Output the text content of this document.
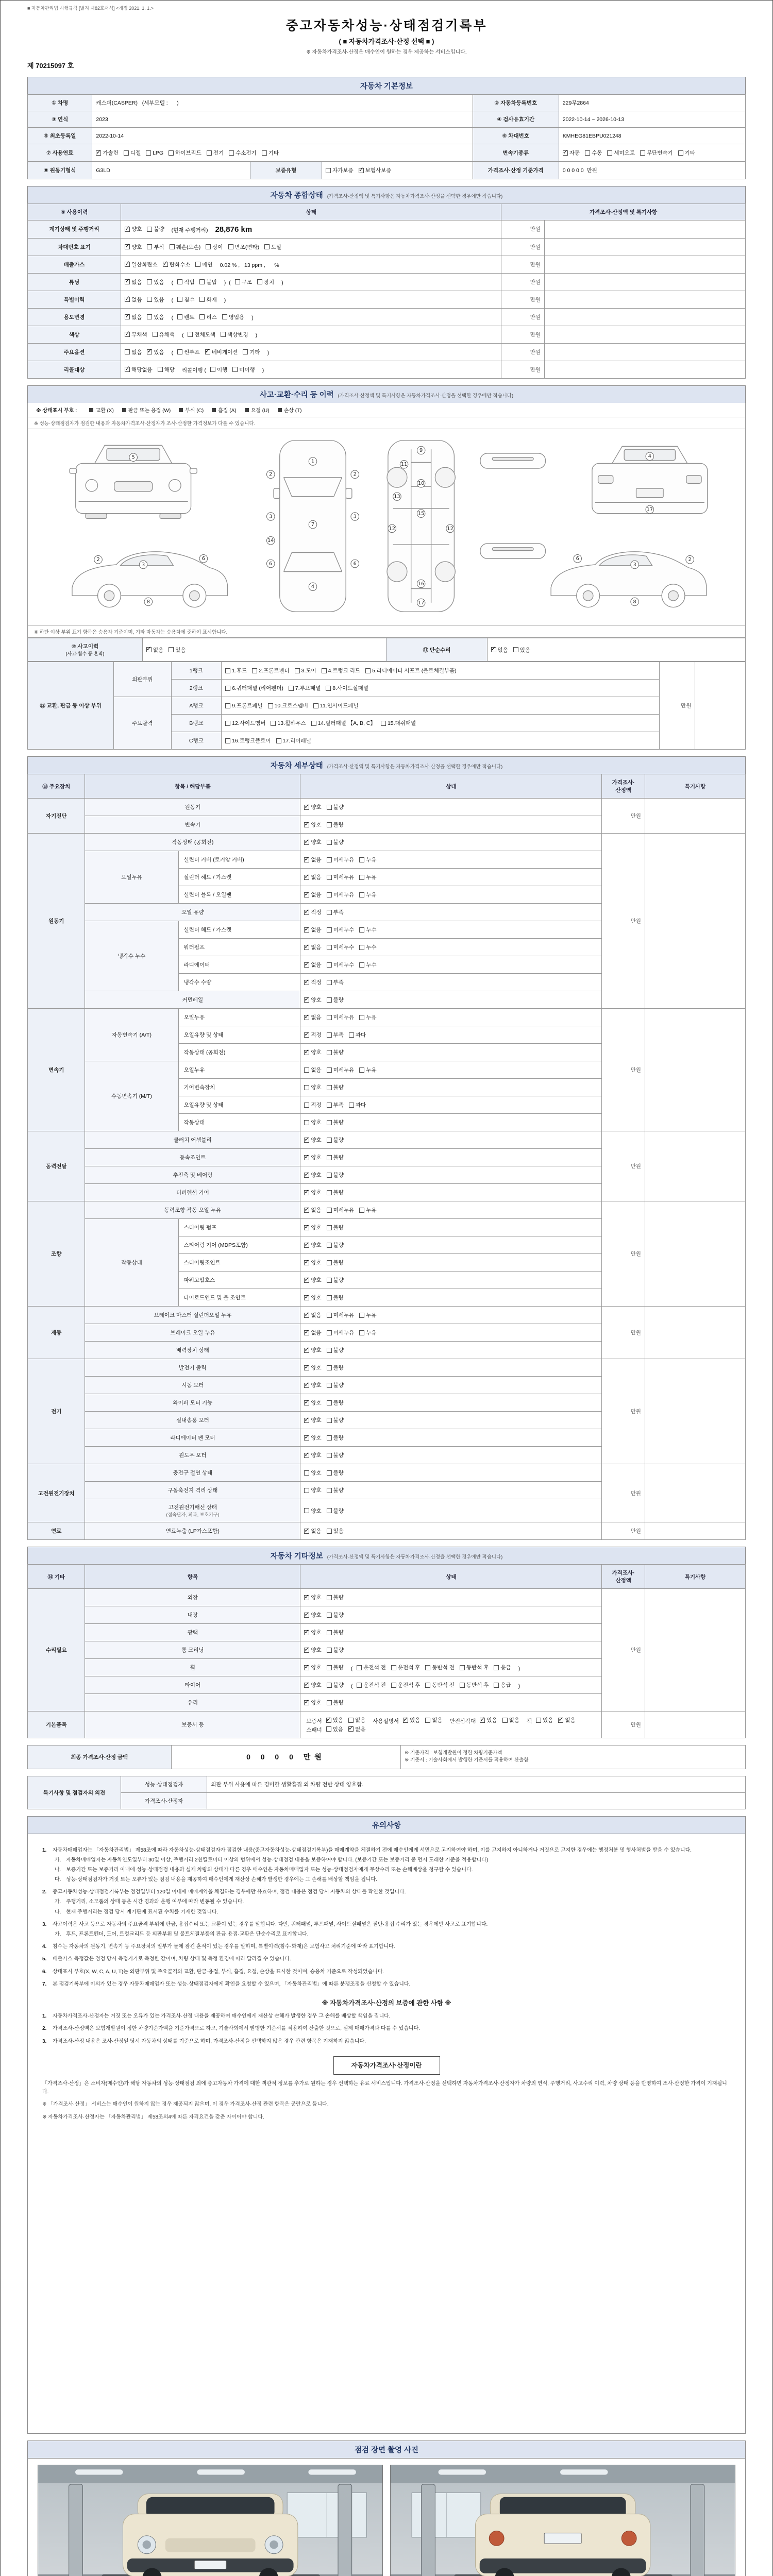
■ 자동차관리법 시행규칙 [별지 제82호서식] <개정 2021. 1. 1.>
중고자동차성능·상태점검기록부
( ■ 자동차가격조사·산정 선택 ■ )
※ 자동차가격조사·산정은 매수인이 원하는 경우 제공하는 서비스입니다.
제 70215097 호
자동차 기본정보
① 차명	캐스퍼(CASPER)   (세부모델 :      )			② 자동차등록번호	229무2864
③ 연식	2023			④ 검사유효기간	2022-10-14 ~ 2026-10-13
⑤ 최초등록일	2022-10-14			⑥ 차대번호	KMHEG81EBPU021248
⑦ 사용연료	
✓가솔린 디젤 LPG 하이브리드 전기 수소전기 기타	변속기종류	
✓자동 수동 세미오토 무단변속기 기타

⑧ 원동기형식	G3LD	보증유형	자가보증 ✓ 보험사보증	가격조사·산정 기준가격	0 0 0 0 0  만원
자동차 종합상태 (가격조사·산정액 및 특기사항은 자동차가격조사·산정을 선택한 경우에만 적습니다)
⑨ 사용이력	상태	가격조사·산정액 및 특기사항	
계기상태 및 주행거리	
✓양호 불량 (현재 주행거리) 28,876 km	만원	
차대번호 표기	
✓양호 부식 훼손(오손) 상이 변조(변타) 도말	만원	
배출가스	
✓일산화탄소 ✓ 탄화수소 매연 0.02 % ,   13 ppm ,      %	만원	
튜닝	
✓없음 있음 ( 적법 불법 )  ( 구조 장치 )	만원	
특별이력	
✓없음 있음 ( 침수 화재 )	만원	
용도변경	
✓없음 있음 ( 렌트 리스 영업용 )	만원	
색상	
✓무채색 유채색 ( 전체도색 색상변경 )	만원	
주요옵션	없음 ✓ 있음 ( 썬루프 ✓ 네비게이션 기타 )	만원	
리콜대상	
✓해당없음 해당 리콜이행 ( 이행 미이행 )	만원	
사고·교환·수리 등 이력 (가격조사·산정액 및 특기사항은 자동차가격조사·산정을 선택한 경우에만 적습니다)
※ 상태표시 부호 :	교환 (X)	판금 또는 용접 (W)	부식 (C)	흠집 (A)	요철 (U)	손상 (T)
※ 성능·상태점검자가 점검한 내용과 자동차가격조사·산정자가 조사·산정한 가격정보가 다를 수 있습니다.
5
1
7
4
2	2
3	3
14
6	6
9
10
11
13
12	12
15
16
17
2
3
6
8
2
3
6
8
4
17
※ 하단 이상 부위 표기 항목은 승용차 기준이며, 기타 자동차는 승용차에 준하여 표시합니다.
⑩ 사고이력
(사고·침수 등 흔적)

✓
없음 있음	⑪ 단순수리	
✓없음 있음
⑫ 교환, 판금 등 이상 부위	외판부위	1랭크	1.후드 2.프론트펜더 3.도어 4.트렁크 리드 5.라디에이터 서포트 (볼트체결부품)	만원	
		2랭크	6.쿼터패널 (리어펜더) 7.루프패널 8.사이드실패널		

	주요골격	A랭크	9.프론트패널 10.크로스멤버 11.인사이드패널		

		B랭크	12.사이드멤버 13.휠하우스 14.필러패널 【A, B, C】 15.대쉬패널		

		C랭크	16.트렁크플로어 17.리어패널		
자동차 세부상태 (가격조사·산정액 및 특기사항은 자동차가격조사·산정을 선택한 경우에만 적습니다)
⑬ 주요장치	항목 / 해당부품		상태	가격조사·산정액	특기사항
자기진단	원동기	
✓양호 불량	만원	
	변속기	
✓양호 불량

원동기	작동상태 (공회전)	
✓양호 불량	만원	
	오일누유	실린더 커버 (로커암 커버)	
✓없음 미세누유 누유

		실린더 헤드 / 가스켓	
✓없음 미세누유 누유

		실린더 블록 / 오일팬	
✓없음 미세누유 누유

	오일 유량	
✓적정 부족

	냉각수 누수	실린더 헤드 / 가스켓	
✓없음 미세누수 누수

		워터펌프	
✓없음 미세누수 누수

		라디에이터	
✓없음 미세누수 누수

		냉각수 수량	
✓적정 부족

	커먼레일	
✓양호 불량

변속기	자동변속기 (A/T)	오일누유	
✓없음 미세누유 누유	만원	
		오일유량 및 상태	
✓적정 부족 과다

		작동상태 (공회전)	
✓양호 불량

	수동변속기 (M/T)	오일누유	없음 미세누유 누유		

		기어변속장치	양호 불량		

		오일유량 및 상태	적정 부족 과다		

		작동상태	양호 불량		

동력전달	클러치 어셈블리	
✓양호 불량	만원	
	등속조인트	
✓양호 불량

	추진축 및 베어링	
✓양호 불량

	디퍼렌셜 기어	
✓양호 불량

조향	동력조향 작동 오일 누유	
✓없음 미세누유 누유	만원	
	작동상태	스티어링 펌프	
✓양호 불량

		스티어링 기어 (MDPS포함)	
✓양호 불량

		스티어링조인트	
✓양호 불량

		파워고압호스	
✓양호 불량

		타이로드엔드 및 볼 조인트	
✓양호 불량

제동	브레이크 마스터 실린더오일 누유	
✓없음 미세누유 누유	만원	
	브레이크 오일 누유	
✓없음 미세누유 누유

	배력장치 상태	
✓양호 불량

전기	발전기 출력	
✓양호 불량	만원	
	시동 모터	
✓양호 불량

	와이퍼 모터 기능	
✓양호 불량

	실내송풍 모터	
✓양호 불량

	라디에이터 팬 모터	
✓양호 불량

	윈도우 모터	
✓양호 불량

고전원전기장치	충전구 절연 상태		양호 불량	만원	
	구동축전지 격리 상태		양호 불량		

	고전원전기배선 상태
(접속단자, 피복, 보호기구)		양호 불량		

연료	연료누출 (LP가스포함)	
✓없음 있음	만원	
자동차 기타정보 (가격조사·산정액 및 특기사항은 자동차가격조사·산정을 선택한 경우에만 적습니다)
⑭ 기타	항목	상태	가격조사·산정액	특기사항
수리필요	외장	
✓양호 불량	만원	
	내장	
✓양호 불량

	광택	
✓양호 불량

	룸 크리닝	
✓양호 불량

휠	
✓양호 불량 ( 운전석 전 운전석 후 동반석 전 동반석 후 응급 )
타이어	
✓양호 불량 ( 운전석 전 운전석 후 동반석 전 동반석 후 응급 )
	유리	
✓양호 불량

기본품목	보증서 등	보증서 ✓ 있음 없음 사용설명서 ✓ 있음 없음 안전삼각대 ✓ 있음 없음 잭 있음 ✓ 없음
스패너 있음 ✓ 없음
	만원	
최종 가격조사·산정 금액	0 0 0 0 만원	※ 기준가격 : 보험개발원이 정한 차량기준가액
※ 기준서 : 기술사회에서 발행한 기준서를 적용하여 산출함
특기사항 및 점검자의 의견	성능·상태점검자	외판 부위 사용에 따른 경미한 생활흠집 외 차량 전반 상태 양호함.
	가격조사·산정자	
유의사항
1.	자동차매매업자는 「자동차관리법」 제58조에 따라 자동차성능·상태점검자가 점검한 내용(중고자동차성능·상태점검기록부)을 매매계약을 체결하기 전에 매수인에게 서면으로 고지하여야 하며, 이를 고지하지 아니하거나 거짓으로 고지한 경우에는 행정처분 및 형사처벌을 받을 수 있습니다.
가. 자동차매매업자는 자동차인도일부터 30일 이상, 주행거리 2천킬로미터 이상의 범위에서 성능·상태점검 내용을 보증하여야 합니다. (보증기간 또는 보증거리 중 먼저 도래한 기준을 적용합니다)
나. 보증기간 또는 보증거리 이내에 성능·상태점검 내용과 실제 차량의 상태가 다른 경우 매수인은 자동차매매업자 또는 성능·상태점검자에게 무상수리 또는 손해배상을 청구할 수 있습니다.
다. 성능·상태점검자가 거짓 또는 오류가 있는 점검 내용을 제공하여 매수인에게 재산상 손해가 발생한 경우에는 그 손해를 배상할 책임을 집니다.
2.	중고자동차성능·상태점검기록부는 점검일부터 120일 이내에 매매계약을 체결하는 경우에만 유효하며, 점검 내용은 점검 당시 자동차의 상태를 확인한 것입니다.
가. 주행거리, 소모품의 상태 등은 시간 경과와 운행 여부에 따라 변동될 수 있습니다.
나. 현재 주행거리는 점검 당시 계기판에 표시된 수치를 기재한 것입니다.
3.	사고이력은 사고 등으로 자동차의 주요골격 부위에 판금, 용접수리 또는 교환이 있는 경우를 말합니다. 다만, 쿼터패널, 루프패널, 사이드실패널은 절단·용접 수리가 있는 경우에만 사고로 표기합니다.
가. 후드, 프론트펜더, 도어, 트렁크리드 등 외판부위 및 볼트체결부품의 판금·용접·교환은 단순수리로 표기합니다.
4.	침수는 자동차의 원동기, 변속기 등 주요장치의 일부가 물에 잠긴 흔적이 있는 경우를 말하며, 특별이력(침수·화재)은 보험사고 처리기준에 따라 표기합니다.
5.	배출가스 측정값은 점검 당시 측정기기로 측정한 값이며, 차량 상태 및 측정 환경에 따라 달라질 수 있습니다.
6.	상태표시 부호(X, W, C, A, U, T)는 외판부위 및 주요골격의 교환, 판금·용접, 부식, 흠집, 요철, 손상을 표시한 것이며, 승용차 기준으로 작성되었습니다.
7.	본 점검기록부에 이의가 있는 경우 자동차매매업자 또는 성능·상태점검자에게 확인을 요청할 수 있으며, 「자동차관리법」에 따른 분쟁조정을 신청할 수 있습니다.
※ 자동차가격조사·산정의 보증에 관한 사항 ※
1.	자동차가격조사·산정자는 거짓 또는 오류가 있는 가격조사·산정 내용을 제공하여 매수인에게 재산상 손해가 발생한 경우 그 손해를 배상할 책임을 집니다.
2.	가격조사·산정액은 보험개발원이 정한 차량기준가액을 기준가격으로 하고, 기술사회에서 발행한 기준서를 적용하여 산출한 것으로, 실제 매매가격과 다를 수 있습니다.
3.	가격조사·산정 내용은 조사·산정일 당시 자동차의 상태를 기준으로 하며, 가격조사·산정을 선택하지 않은 경우 관련 항목은 기재하지 않습니다.
자동차가격조사·산정이란
「가격조사·산정」은 소비자(매수인)가 해당 자동차의 성능·상태점검 외에 중고자동차 가격에 대한 객관적 정보를 추가로 원하는 경우 선택하는 유료 서비스입니다. 가격조사·산정을 선택하면 자동차가격조사·산정자가 차량의 연식, 주행거리, 사고수리 이력, 차량 상태 등을 반영하여 조사·산정한 가격이 기재됩니다.
※ 「가격조사·산정」 서비스는 매수인이 원하지 않는 경우 제공되지 않으며, 이 경우 가격조사·산정 관련 항목은 공란으로 둡니다.
※ 자동차가격조사·산정자는 「자동차관리법」 제58조의4에 따른 자격요건을 갖춘 자이어야 합니다.
점검 장면 촬영 사진
